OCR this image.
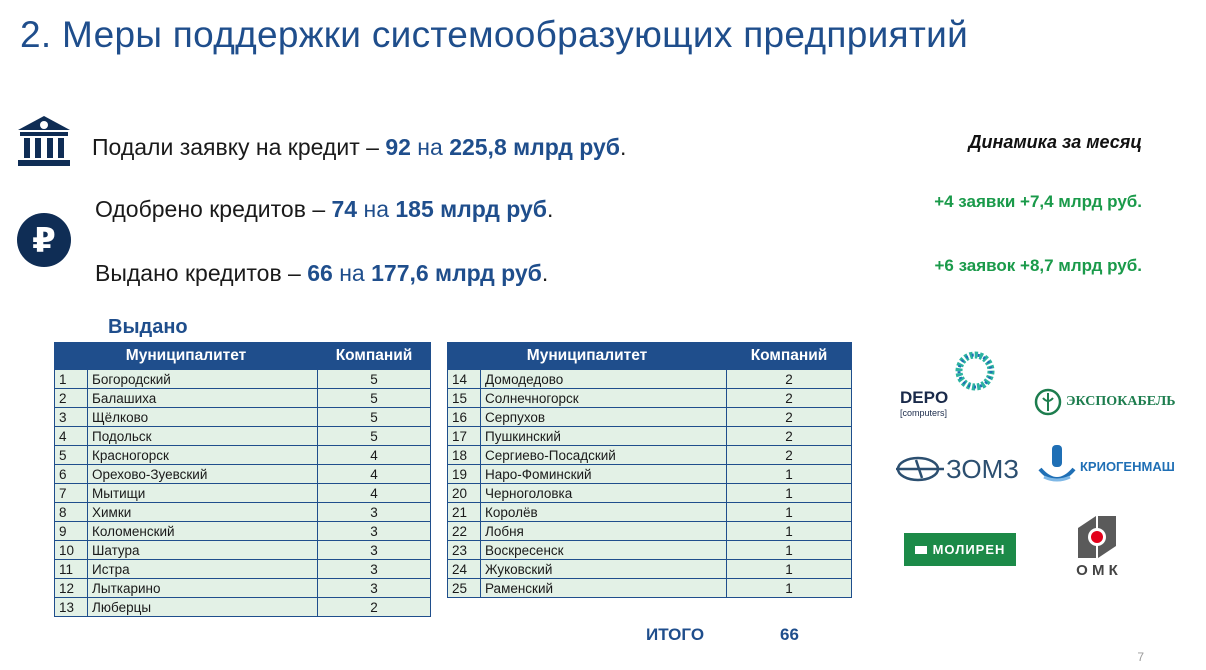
2. Меры поддержки системообразующих предприятий
₽
Подали заявку на кредит – 92 на 225,8 млрд руб.
Одобрено кредитов – 74 на 185 млрд руб.
Выдано кредитов – 66 на 177,6 млрд руб.
Динамика за месяц
+4 заявки +7,4 млрд руб.
+6 заявок +8,7 млрд руб.
Выдано
Муниципалитет		Компаний
1	Богородский	5
2	Балашиха	5
3	Щёлково	5
4	Подольск	5
5	Красногорск	4
6	Орехово-Зуевский	4
7	Мытищи	4
8	Химки	3
9	Коломенский	3
10	Шатура	3
11	Истра	3
12	Лыткарино	3
13	Люберцы	2
Муниципалитет		Компаний
14	Домодедово	2
15	Солнечногорск	2
16	Серпухов	2
17	Пушкинский	2
18	Сергиево-Посадский	2
19	Наро-Фоминский	1
20	Черноголовка	1
21	Королёв	1
22	Лобня	1
23	Воскресенск	1
24	Жуковский	1
25	Раменский	1
ИТОГО	66
DEPO
[computers]
ЭКСПОКАБЕЛЬ
ЗОМЗ	КРИОГЕНМАШ
МОЛИРЕН
О М К
7
